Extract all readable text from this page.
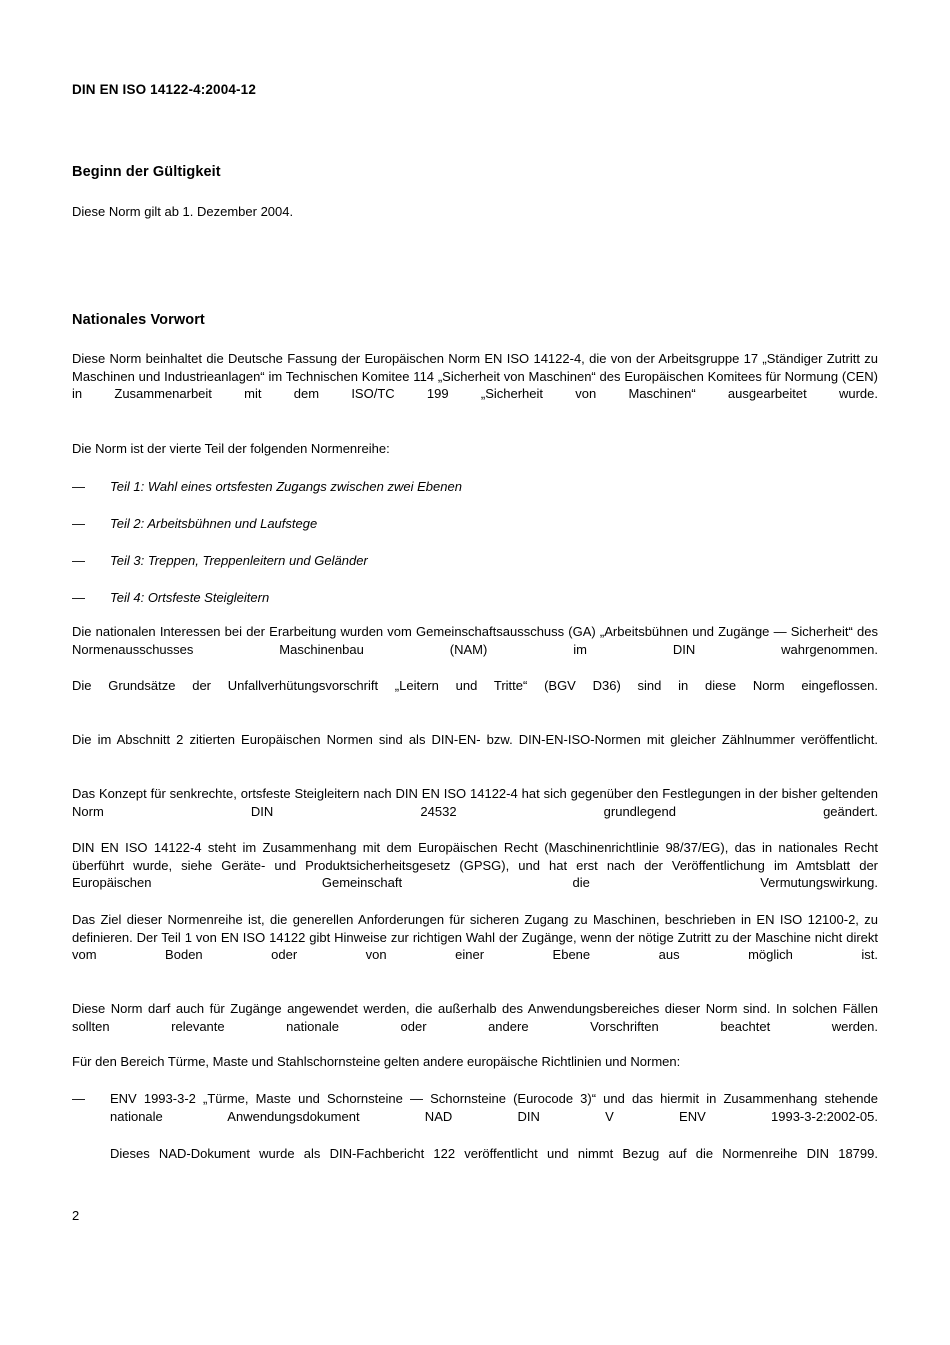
DIN EN ISO 14122-4:2004-12
Beginn der Gültigkeit
Diese Norm gilt ab 1. Dezember 2004.
Nationales Vorwort
Diese Norm beinhaltet die Deutsche Fassung der Europäischen Norm EN ISO 14122-4, die von der Arbeitsgruppe 17 „Ständiger Zutritt zu Maschinen und Industrieanlagen“ im Technischen Komitee 114 „Sicherheit von Maschinen“ des Europäischen Komitees für Normung (CEN) in Zusammenarbeit mit dem ISO/TC 199 „Sicherheit von Maschinen“ ausgearbeitet wurde.
Die Norm ist der vierte Teil der folgenden Normenreihe:
—	Teil 1: Wahl eines ortsfesten Zugangs zwischen zwei Ebenen
—	Teil 2: Arbeitsbühnen und Laufstege
—	Teil 3: Treppen, Treppenleitern und Geländer
—	Teil 4: Ortsfeste Steigleitern
Die nationalen Interessen bei der Erarbeitung wurden vom Gemeinschaftsausschuss (GA) „Arbeitsbühnen und Zugänge — Sicherheit“ des Normenausschusses Maschinenbau (NAM) im DIN wahrgenommen.
Die Grundsätze der Unfallverhütungsvorschrift „Leitern und Tritte“ (BGV D36) sind in diese Norm eingeflossen.
Die im Abschnitt 2 zitierten Europäischen Normen sind als DIN-EN- bzw. DIN-EN-ISO-Normen mit gleicher Zählnummer veröffentlicht.
Das Konzept für senkrechte, ortsfeste Steigleitern nach DIN EN ISO 14122-4 hat sich gegenüber den Festlegungen in der bisher geltenden Norm DIN 24532 grundlegend geändert.
DIN EN ISO 14122-4 steht im Zusammenhang mit dem Europäischen Recht (Maschinenrichtlinie 98/37/EG), das in nationales Recht überführt wurde, siehe Geräte- und Produktsicherheitsgesetz (GPSG), und hat erst nach der Veröffentlichung im Amtsblatt der Europäischen Gemeinschaft die Vermutungswirkung.
Das Ziel dieser Normenreihe ist, die generellen Anforderungen für sicheren Zugang zu Maschinen, beschrieben in EN ISO 12100-2, zu definieren. Der Teil 1 von EN ISO 14122 gibt Hinweise zur richtigen Wahl der Zugänge, wenn der nötige Zutritt zu der Maschine nicht direkt vom Boden oder von einer Ebene aus möglich ist.
Diese Norm darf auch für Zugänge angewendet werden, die außerhalb des Anwendungsbereiches dieser Norm sind. In solchen Fällen sollten relevante nationale oder andere Vorschriften beachtet werden.
Für den Bereich Türme, Maste und Stahlschornsteine gelten andere europäische Richtlinien und Normen:
—	ENV 1993-3-2 „Türme, Maste und Schornsteine — Schornsteine (Eurocode 3)“ und das hiermit in Zusammenhang stehende nationale Anwendungsdokument NAD DIN V ENV 1993-3-2:2002-05.
Dieses NAD-Dokument wurde als DIN-Fachbericht 122 veröffentlicht und nimmt Bezug auf die Normenreihe DIN 18799.
2
